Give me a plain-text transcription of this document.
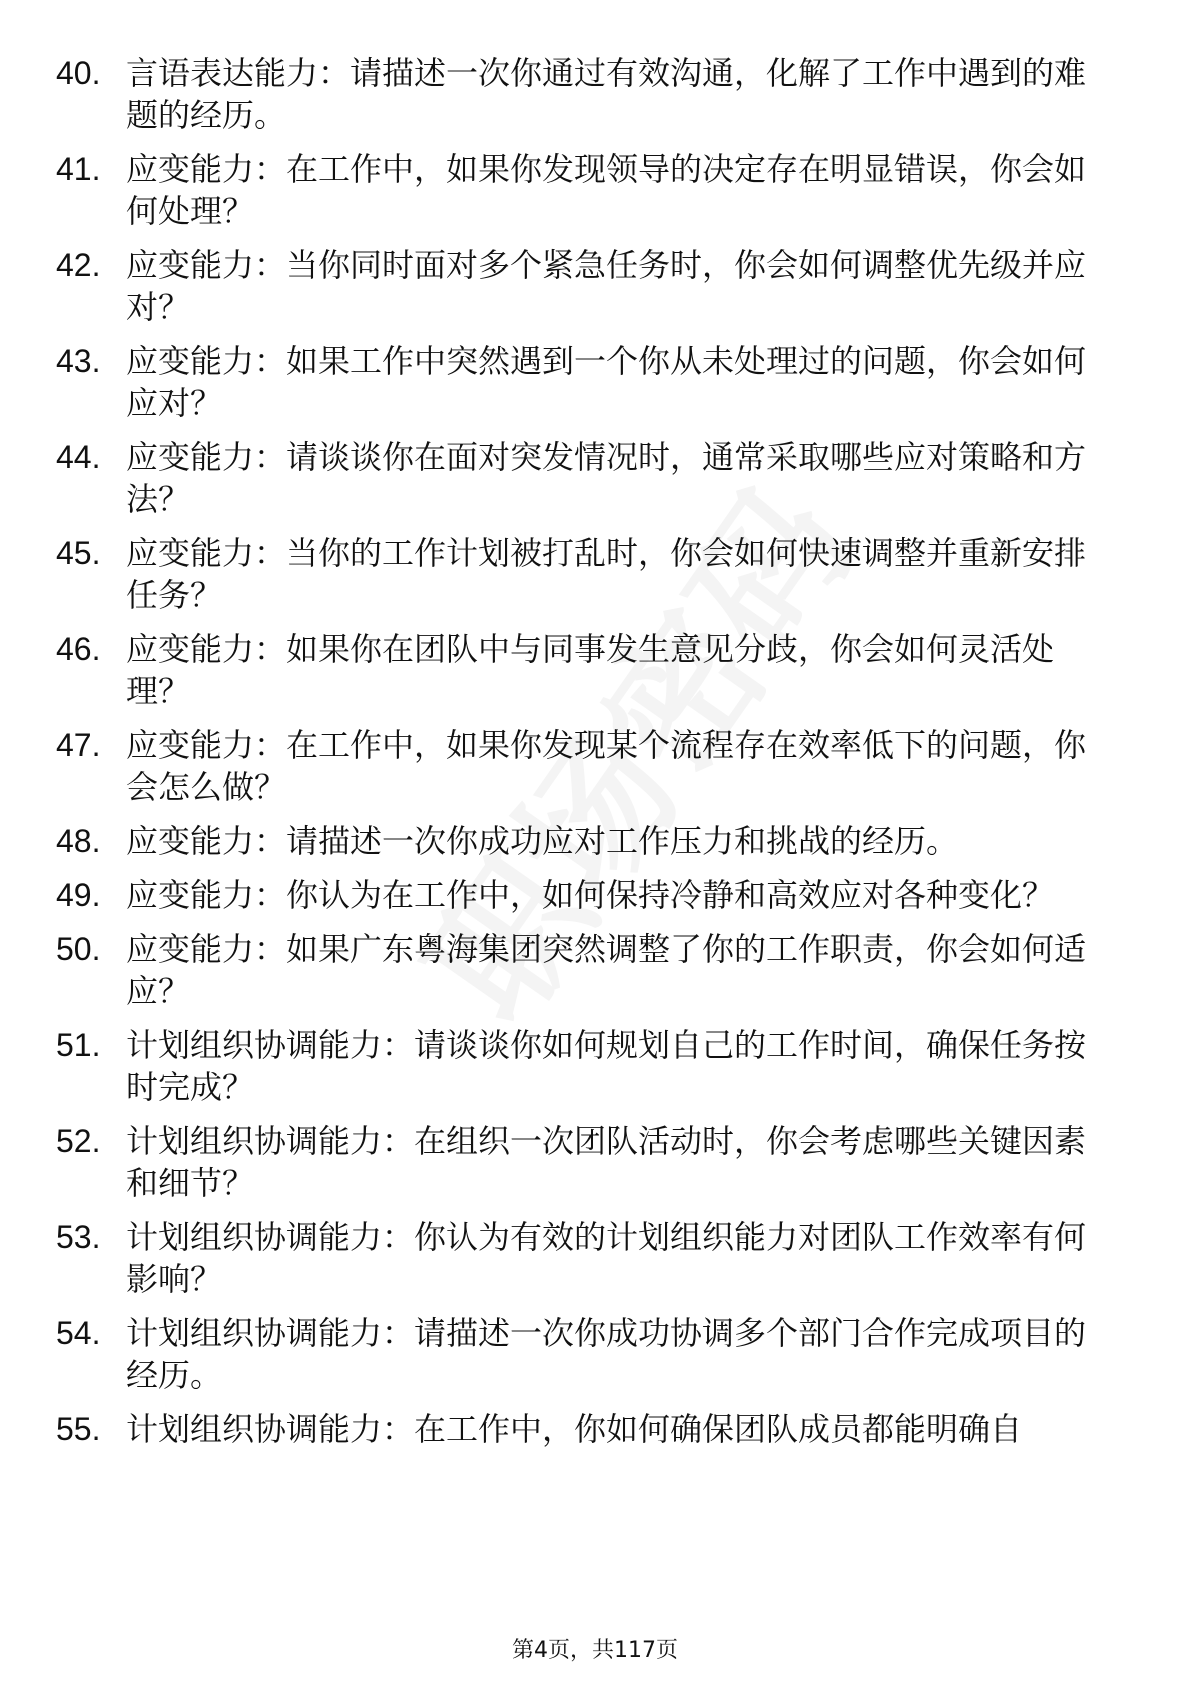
40. 言语表达能力：请描述一次你通过有效沟通，化解了工作中遇到的难题的经历。
41. 应变能力：在工作中，如果你发现领导的决定存在明显错误，你会如何处理？
42. 应变能力：当你同时面对多个紧急任务时，你会如何调整优先级并应对？
43. 应变能力：如果工作中突然遇到一个你从未处理过的问题，你会如何应对？
44. 应变能力：请谈谈你在面对突发情况时，通常采取哪些应对策略和方法？
45. 应变能力：当你的工作计划被打乱时，你会如何快速调整并重新安排任务？
46. 应变能力：如果你在团队中与同事发生意见分歧，你会如何灵活处理？
47. 应变能力：在工作中，如果你发现某个流程存在效率低下的问题，你会怎么做？
48. 应变能力：请描述一次你成功应对工作压力和挑战的经历。
49. 应变能力：你认为在工作中，如何保持冷静和高效应对各种变化？
50. 应变能力：如果广东粤海集团突然调整了你的工作职责，你会如何适应？
51. 计划组织协调能力：请谈谈你如何规划自己的工作时间，确保任务按时完成？
52. 计划组织协调能力：在组织一次团队活动时，你会考虑哪些关键因素和细节？
53. 计划组织协调能力：你认为有效的计划组织能力对团队工作效率有何影响？
54. 计划组织协调能力：请描述一次你成功协调多个部门合作完成项目的经历。
55. 计划组织协调能力：在工作中，你如何确保团队成员都能明确自
第4页，共117页
